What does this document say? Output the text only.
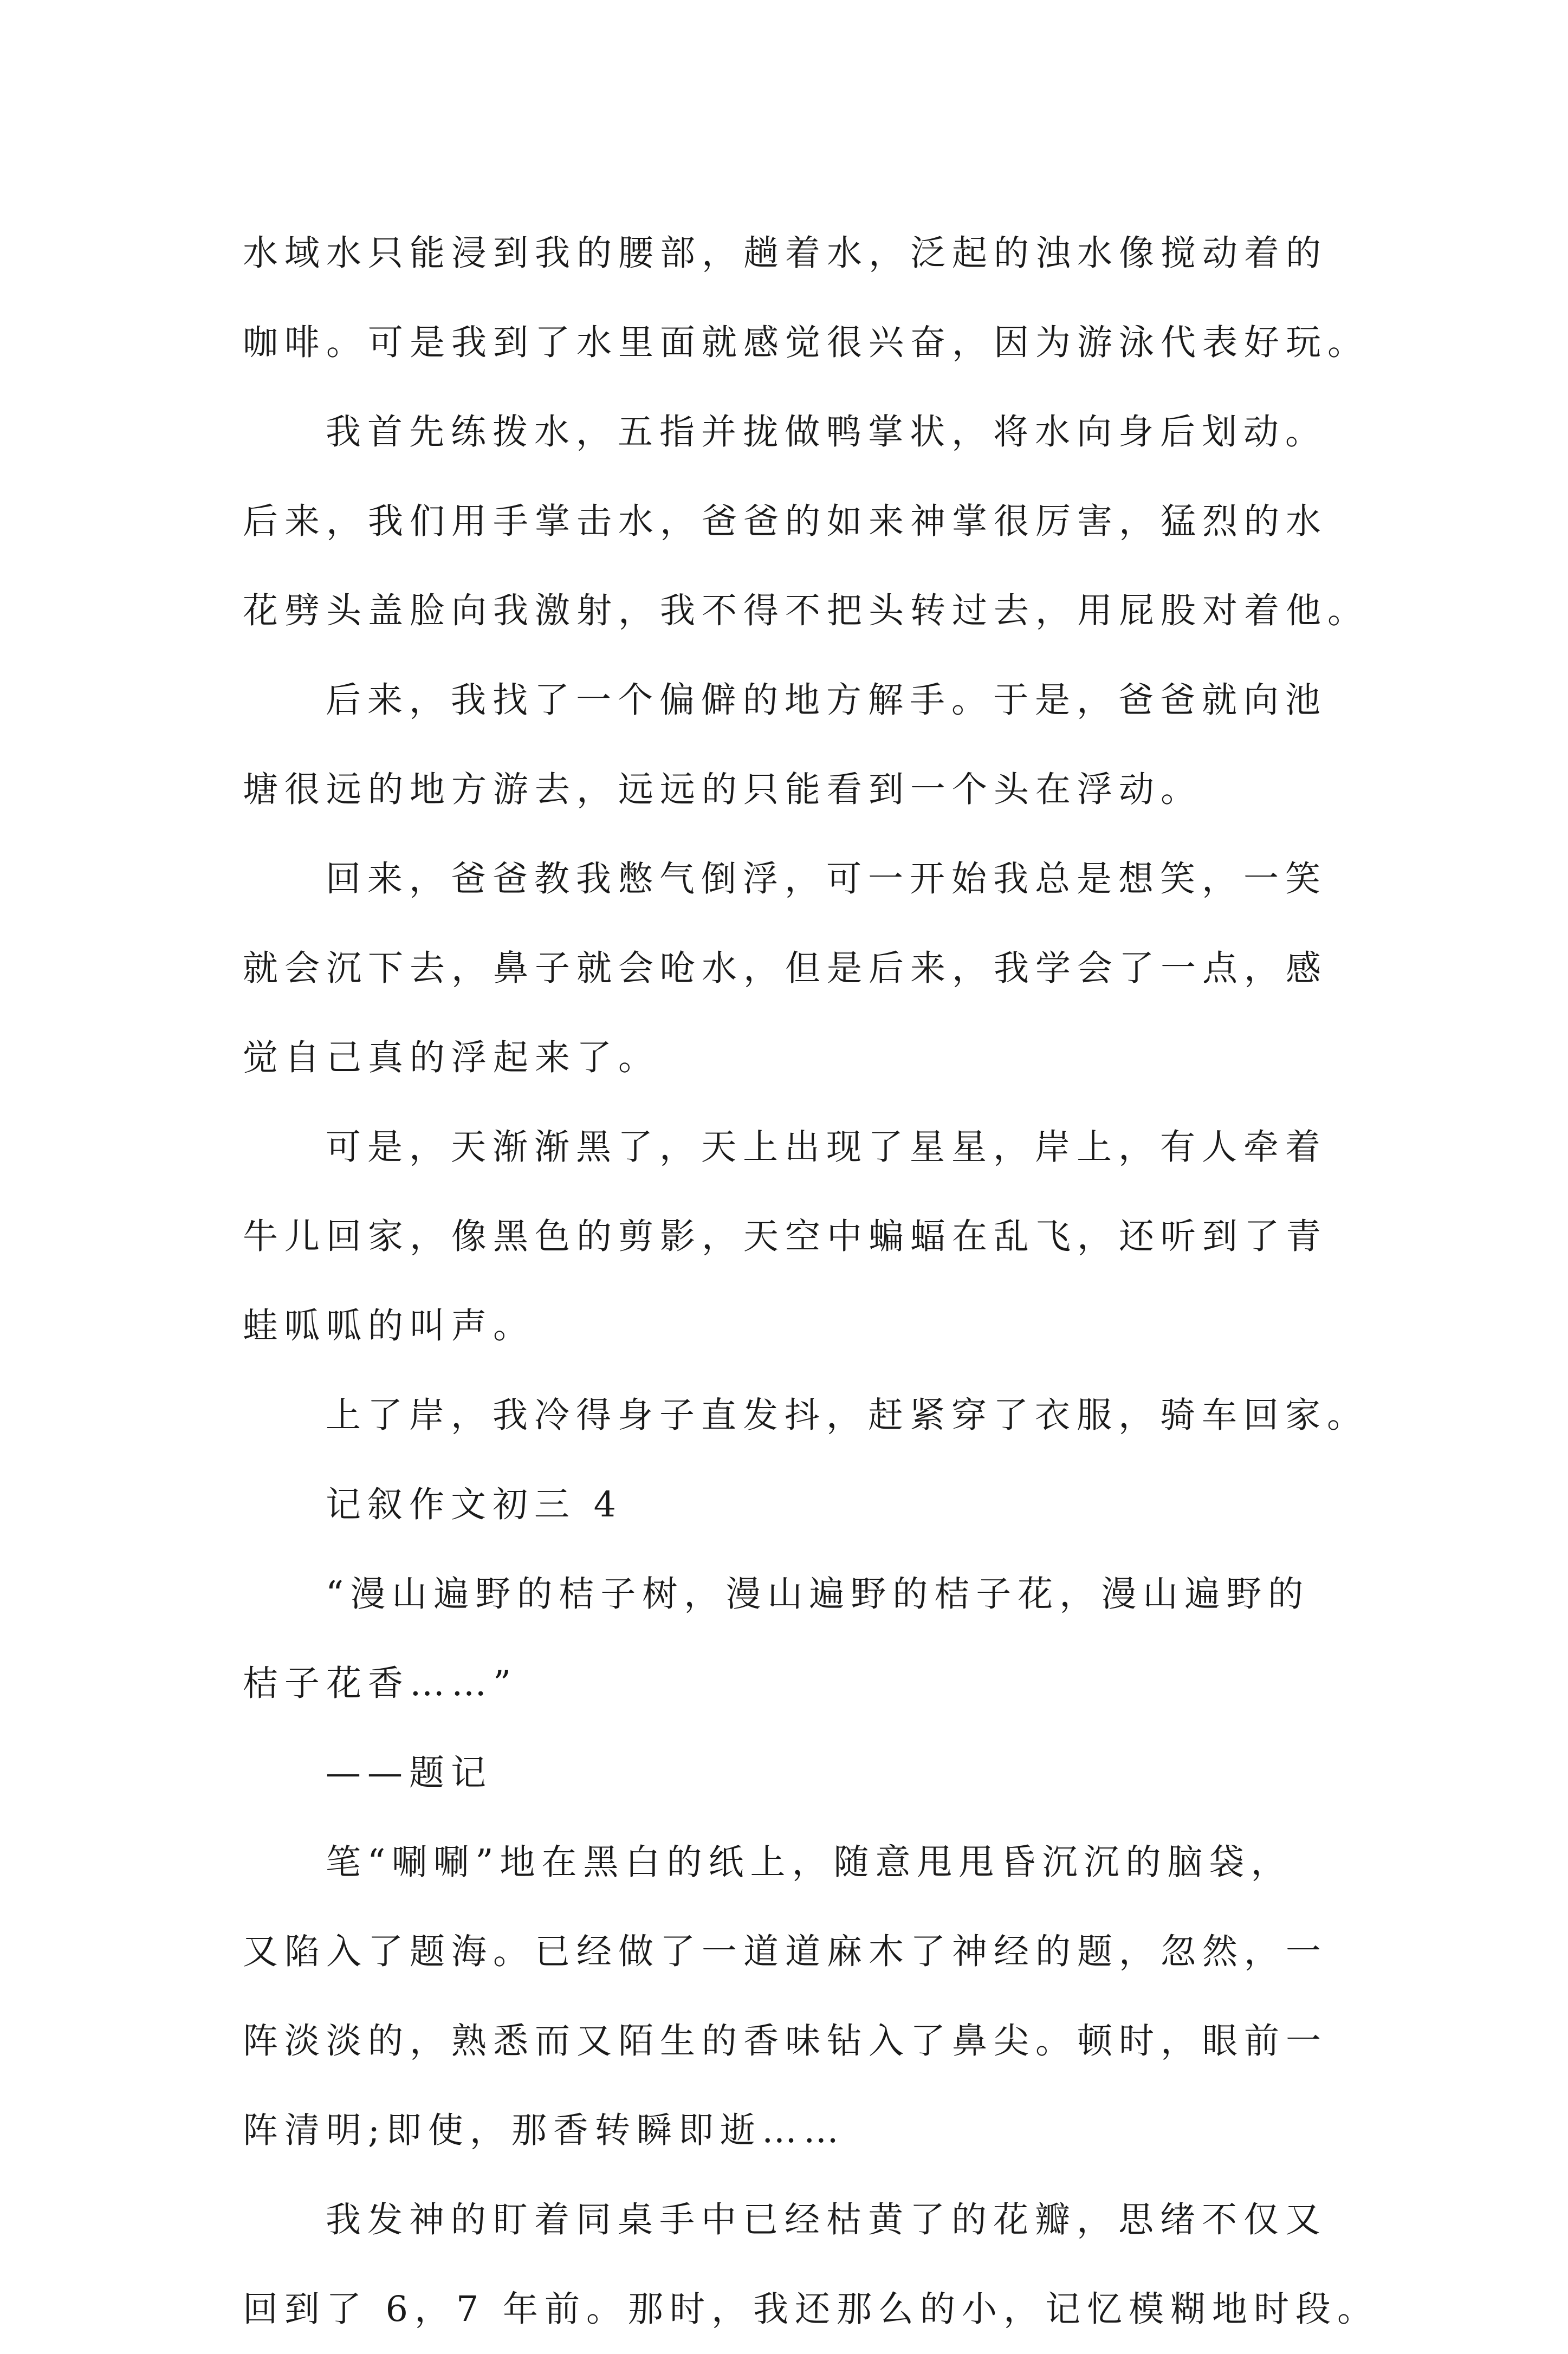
水域水只能浸到我的腰部，趟着水，泛起的浊水像搅动着的
咖啡。可是我到了水里面就感觉很兴奋，因为游泳代表好玩。
我首先练拨水，五指并拢做鸭掌状，将水向身后划动。
后来，我们用手掌击水，爸爸的如来神掌很厉害，猛烈的水
花劈头盖脸向我激射，我不得不把头转过去，用屁股对着他。
后来，我找了一个偏僻的地方解手。于是，爸爸就向池
塘很远的地方游去，远远的只能看到一个头在浮动。
回来，爸爸教我憋气倒浮，可一开始我总是想笑，一笑
就会沉下去，鼻子就会呛水，但是后来，我学会了一点，感
觉自己真的浮起来了。
可是，天渐渐黑了，天上出现了星星，岸上，有人牵着
牛儿回家，像黑色的剪影，天空中蝙蝠在乱飞，还听到了青
蛙呱呱的叫声。
上了岸，我冷得身子直发抖，赶紧穿了衣服，骑车回家。
记叙作文初三 4
“漫山遍野的桔子树，漫山遍野的桔子花，漫山遍野的
桔子花香……”
——题记
笔“唰唰”地在黑白的纸上，随意甩甩昏沉沉的脑袋，
又陷入了题海。已经做了一道道麻木了神经的题，忽然，一
阵淡淡的，熟悉而又陌生的香味钻入了鼻尖。顿时，眼前一
阵清明;即使，那香转瞬即逝……
我发神的盯着同桌手中已经枯黄了的花瓣，思绪不仅又
回到了 6，7 年前。那时，我还那么的小，记忆模糊地时段。
